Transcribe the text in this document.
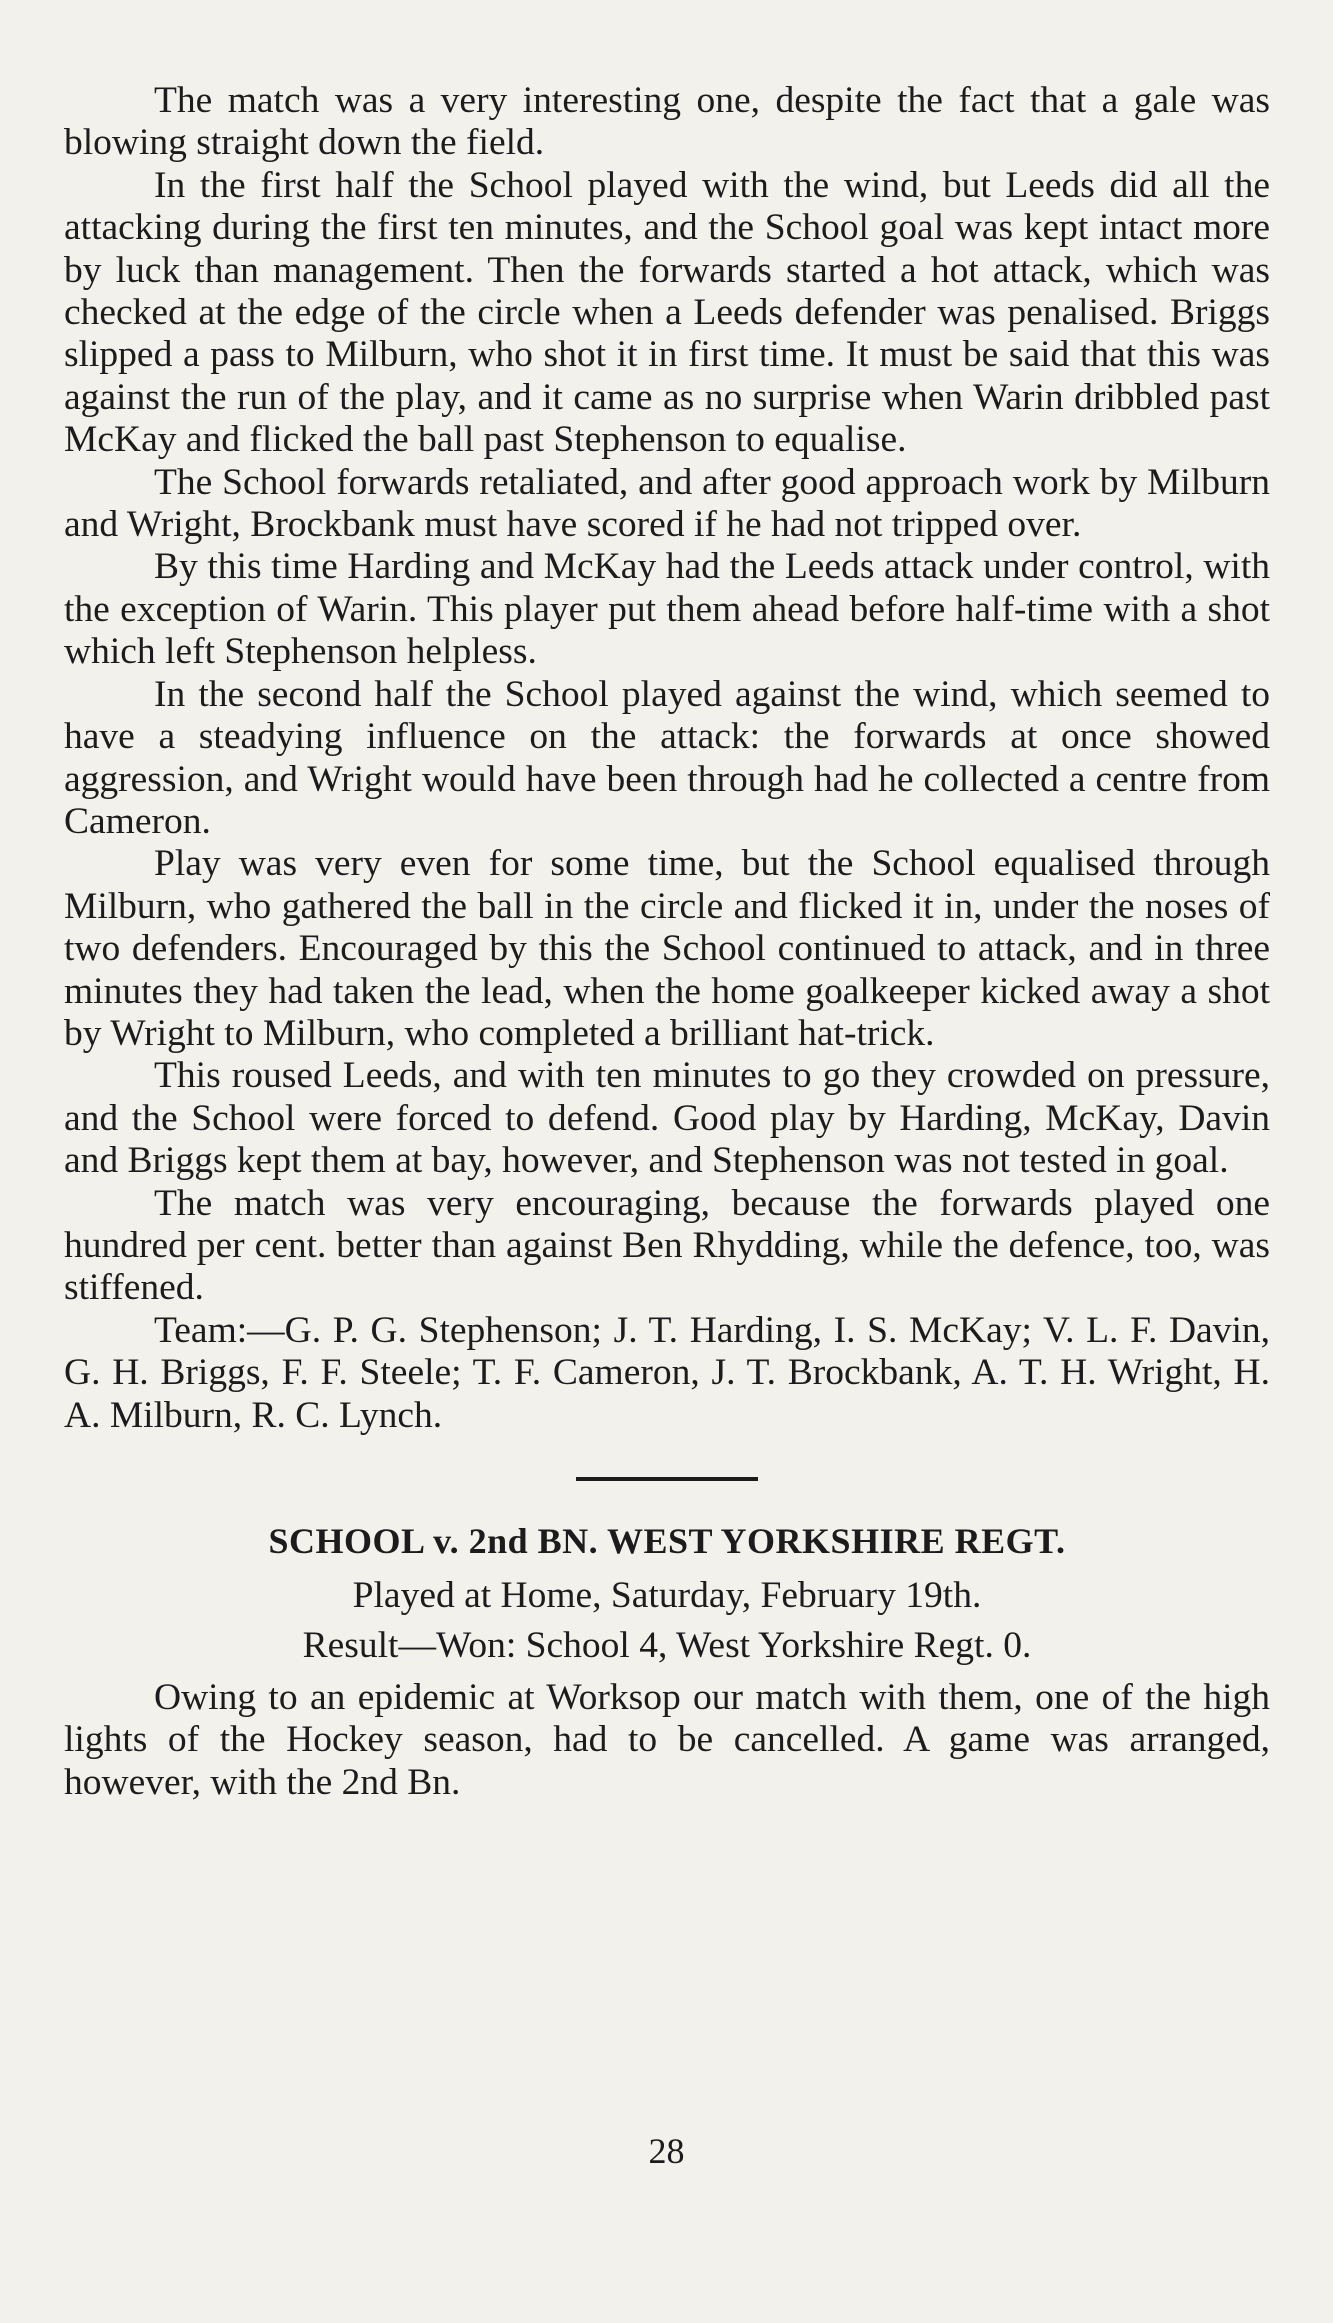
The match was a very interesting one, despite the fact that a gale was blowing straight down the field.

In the first half the School played with the wind, but Leeds did all the attacking during the first ten minutes, and the School goal was kept intact more by luck than management. Then the forwards started a hot attack, which was checked at the edge of the circle when a Leeds defender was penalised. Briggs slipped a pass to Milburn, who shot it in first time. It must be said that this was against the run of the play, and it came as no surprise when Warin dribbled past McKay and flicked the ball past Stephenson to equalise.

The School forwards retaliated, and after good approach work by Milburn and Wright, Brockbank must have scored if he had not tripped over.

By this time Harding and McKay had the Leeds attack under control, with the exception of Warin. This player put them ahead before half-time with a shot which left Stephenson helpless.

In the second half the School played against the wind, which seemed to have a steadying influence on the attack: the forwards at once showed aggression, and Wright would have been through had he collected a centre from Cameron.

Play was very even for some time, but the School equalised through Milburn, who gathered the ball in the circle and flicked it in, under the noses of two defenders. Encouraged by this the School continued to attack, and in three minutes they had taken the lead, when the home goalkeeper kicked away a shot by Wright to Milburn, who completed a brilliant hat-trick.

This roused Leeds, and with ten minutes to go they crowded on pressure, and the School were forced to defend. Good play by Harding, McKay, Davin and Briggs kept them at bay, however, and Stephenson was not tested in goal.

The match was very encouraging, because the forwards played one hundred per cent. better than against Ben Rhydding, while the defence, too, was stiffened.

Team:—G. P. G. Stephenson; J. T. Harding, I. S. McKay; V. L. F. Davin, G. H. Briggs, F. F. Steele; T. F. Cameron, J. T. Brockbank, A. T. H. Wright, H. A. Milburn, R. C. Lynch.

SCHOOL v. 2nd BN. WEST YORKSHIRE REGT.

Played at Home, Saturday, February 19th.

Result—Won: School 4, West Yorkshire Regt. 0.

Owing to an epidemic at Worksop our match with them, one of the high lights of the Hockey season, had to be cancelled. A game was arranged, however, with the 2nd Bn.

28
